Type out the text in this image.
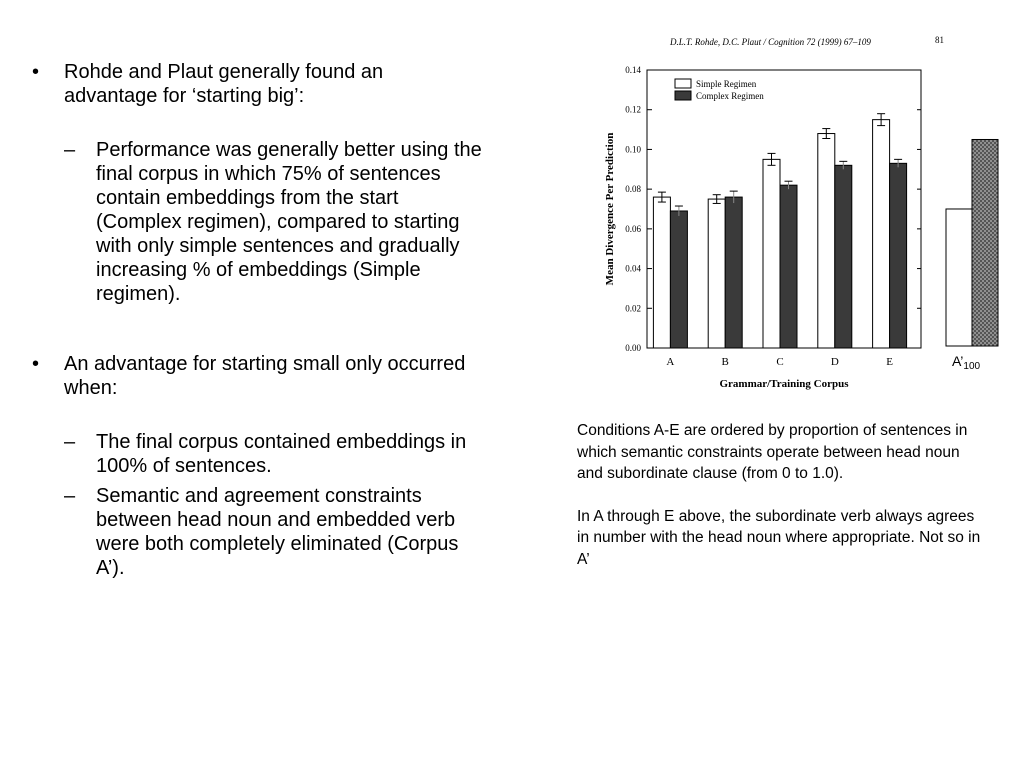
•	Rohde and Plaut generally found an advantage for ‘starting big’:
–	Performance was generally better using the final corpus in which 75% of sentences contain embeddings from the start (Complex regimen), compared to starting with only simple sentences and gradually increasing % of embeddings (Simple regimen).
•	An advantage for starting small only occurred when:
–	The final corpus contained embeddings in 100% of sentences.
–	Semantic and agreement constraints between head noun and embedded verb were both completely eliminated (Corpus A’).
D.L.T. Rohde, D.C. Plaut / Cognition 72 (1999) 67–109	81
0.00
0.02
0.04
0.06
0.08
0.10
0.12
0.14
A	B	C	D	E
Simple Regimen
Complex Regimen
Mean Divergence Per Prediction
Grammar/Training Corpus
$A’_{100}$

Conditions A-E are ordered by proportion of sentences in which semantic constraints operate between head noun and subordinate clause (from 0 to 1.0).

In A through E above, the subordinate verb always agrees in number with the head noun where appropriate. Not so in A’
